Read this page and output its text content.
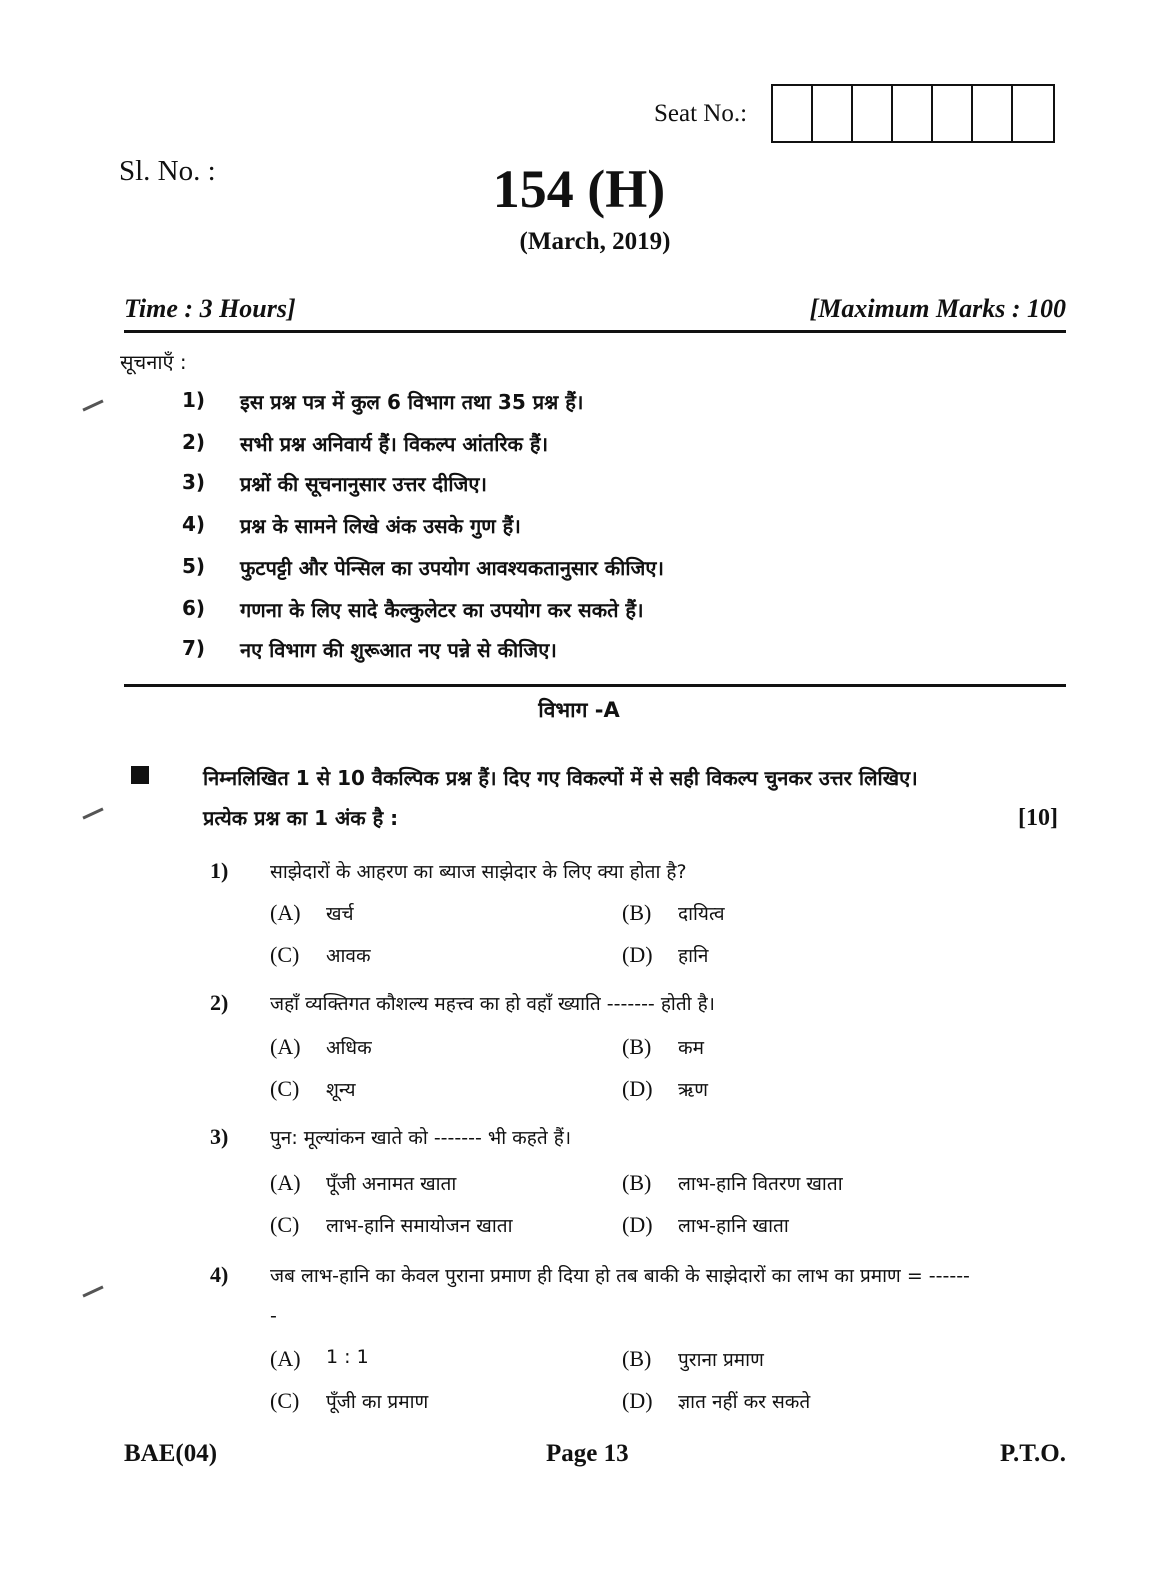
Seat No.:
Sl. No. :	154 (H)
(March, 2019)
Time : 3 Hours]	[Maximum Marks : 100
सूचनाएँ :
1)	इस प्रश्न पत्र में कुल 6 विभाग तथा 35 प्रश्न हैं।
2)	सभी प्रश्न अनिवार्य हैं। विकल्प आंतरिक हैं।
3)	प्रश्नों की सूचनानुसार उत्तर दीजिए।
4)	प्रश्न के सामने लिखे अंक उसके गुण हैं।
5)	फुटपट्टी और पेन्सिल का उपयोग आवश्यकतानुसार कीजिए।
6)	गणना के लिए सादे कैल्कुलेटर का उपयोग कर सकते हैं।
7)	नए विभाग की शुरूआत नए पन्ने से कीजिए।
विभाग -A
निम्नलिखित 1 से 10 वैकल्पिक प्रश्न हैं। दिए गए विकल्पों में से सही विकल्प चुनकर उत्तर लिखिए। प्रत्येक प्रश्न का 1 अंक है :	[10]
1) साझेदारों के आहरण का ब्याज साझेदार के लिए क्या होता है?
(A)	खर्च	(B)	दायित्व
(C)	आवक	(D)	हानि
2) जहाँ व्यक्तिगत कौशल्य महत्त्व का हो वहाँ ख्याति ------- होती है।
(A)	अधिक	(B)	कम
(C)	शून्य	(D)	ऋण
3) पुन: मूल्यांकन खाते को ------- भी कहते हैं।
(A)	पूँजी अनामत खाता	(B)	लाभ-हानि वितरण खाता
(C)	लाभ-हानि समायोजन खाता	(D)	लाभ-हानि खाता
4) जब लाभ-हानि का केवल पुराना प्रमाण ही दिया हो तब बाकी के साझेदारों का लाभ का प्रमाण = -------
(A)	1 : 1	(B)	पुराना प्रमाण
(C)	पूँजी का प्रमाण	(D)	ज्ञात नहीं कर सकते
BAE(04)	Page 13	P.T.O.
